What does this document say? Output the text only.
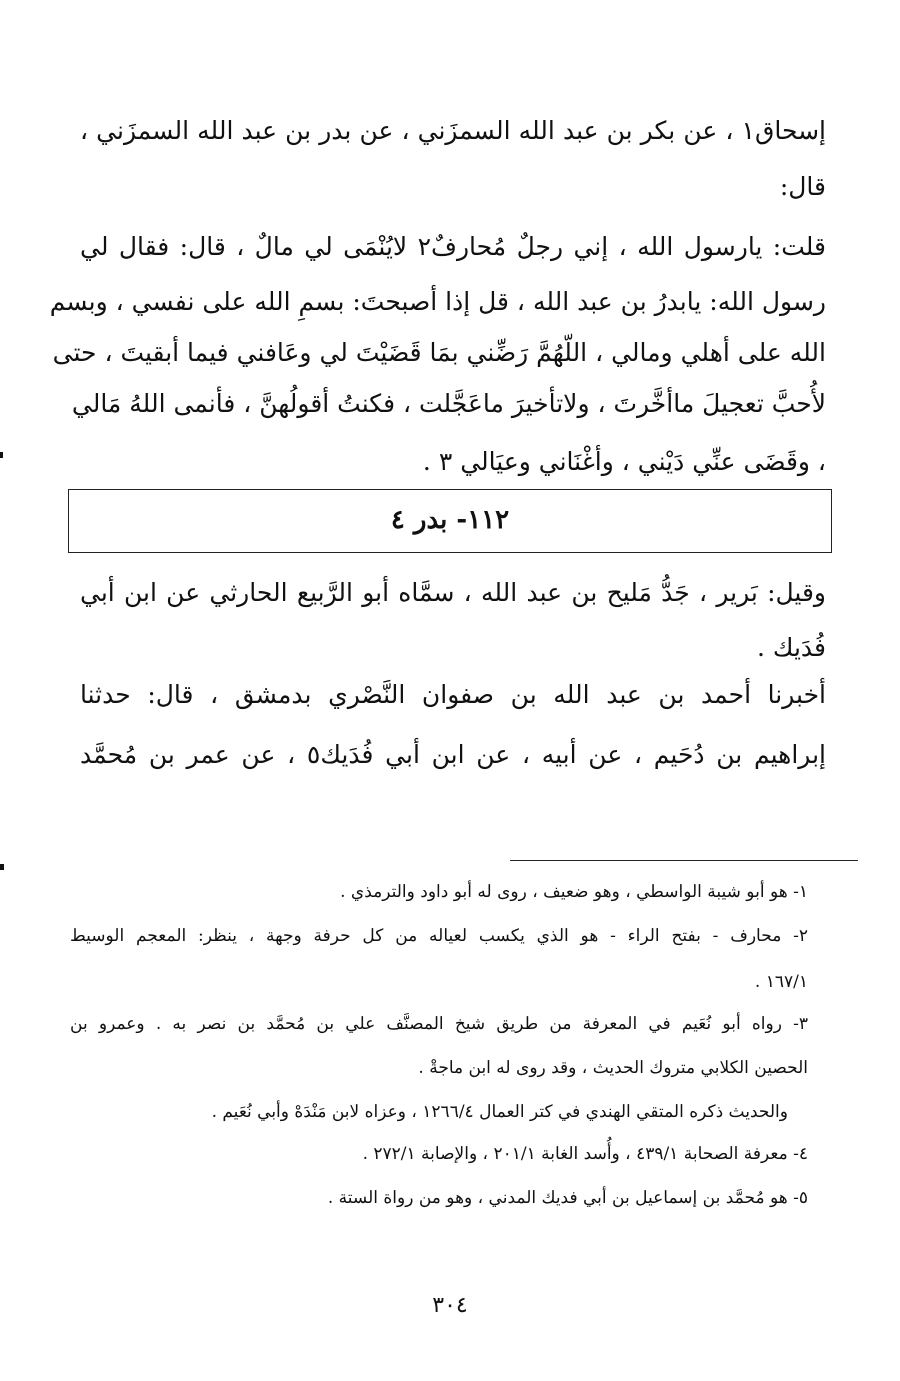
إسحاق١ ، عن بكر بن عبد الله السمزَني ، عن بدر بن عبد الله السمزَني ،
قال:
قلت: يارسول الله ، إني رجلٌ مُحارفٌ٢ لايُنْمَى لي مالٌ ، قال: فقال لي
رسول الله: يابدرُ بن عبد الله ، قل إذا أصبحتَ: بسمِ الله على نفسي ، وبسم
الله على أهلي ومالي ، اللّهُمَّ رَضِّني بمَا قَضَيْتَ لي وعَافني فيما أبقيتَ ، حتى
لأُحبَّ تعجيلَ ماأخَّرتَ ، ولاتأخيرَ ماعَجَّلت ، فكنتُ أقولُهنَّ ، فأنمى اللهُ مَالي
، وقَضَى عنِّي دَيْني ، وأغْنَاني وعيَالي ٣ .
١١٢- بدر ٤
وقيل: بَرير ، جَدُّ مَليح بن عبد الله ، سمَّاه أبو الرَّبيع الحارثي عن ابن أبي
فُدَيك .
أخبرنا أحمد بن عبد الله بن صفوان النَّصْري بدمشق ، قال: حدثنا
إبراهيم بن دُحَيم ، عن أبيه ، عن ابن أبي فُدَيك٥ ، عن عمر بن مُحمَّد
١- هو أبو شيبة الواسطي ، وهو ضعيف ، روى له أبو داود والترمذي .
٢- محارف - بفتح الراء - هو الذي يكسب لعياله من كل حرفة وجهة ، ينظر: المعجم الوسيط
١٦٧/١ .
٣- رواه أبو نُعَيم في المعرفة من طريق شيخ المصنَّف علي بن مُحمَّد بن نصر به . وعمرو بن
الحصين الكلابي متروك الحديث ، وقد روى له ابن ماجةْ .
والحديث ذكره المتقي الهندي في كتر العمال ١٢٦٦/٤ ، وعزاه لابن مَنْدَهْ وأبي نُعَيم .
٤- معرفة الصحابة ٤٣٩/١ ، وأُسد الغابة ٢٠١/١ ، والإصابة ٢٧٢/١ .
٥- هو مُحمَّد بن إسماعيل بن أبي فديك المدني ، وهو من رواة الستة .
٣٠٤
